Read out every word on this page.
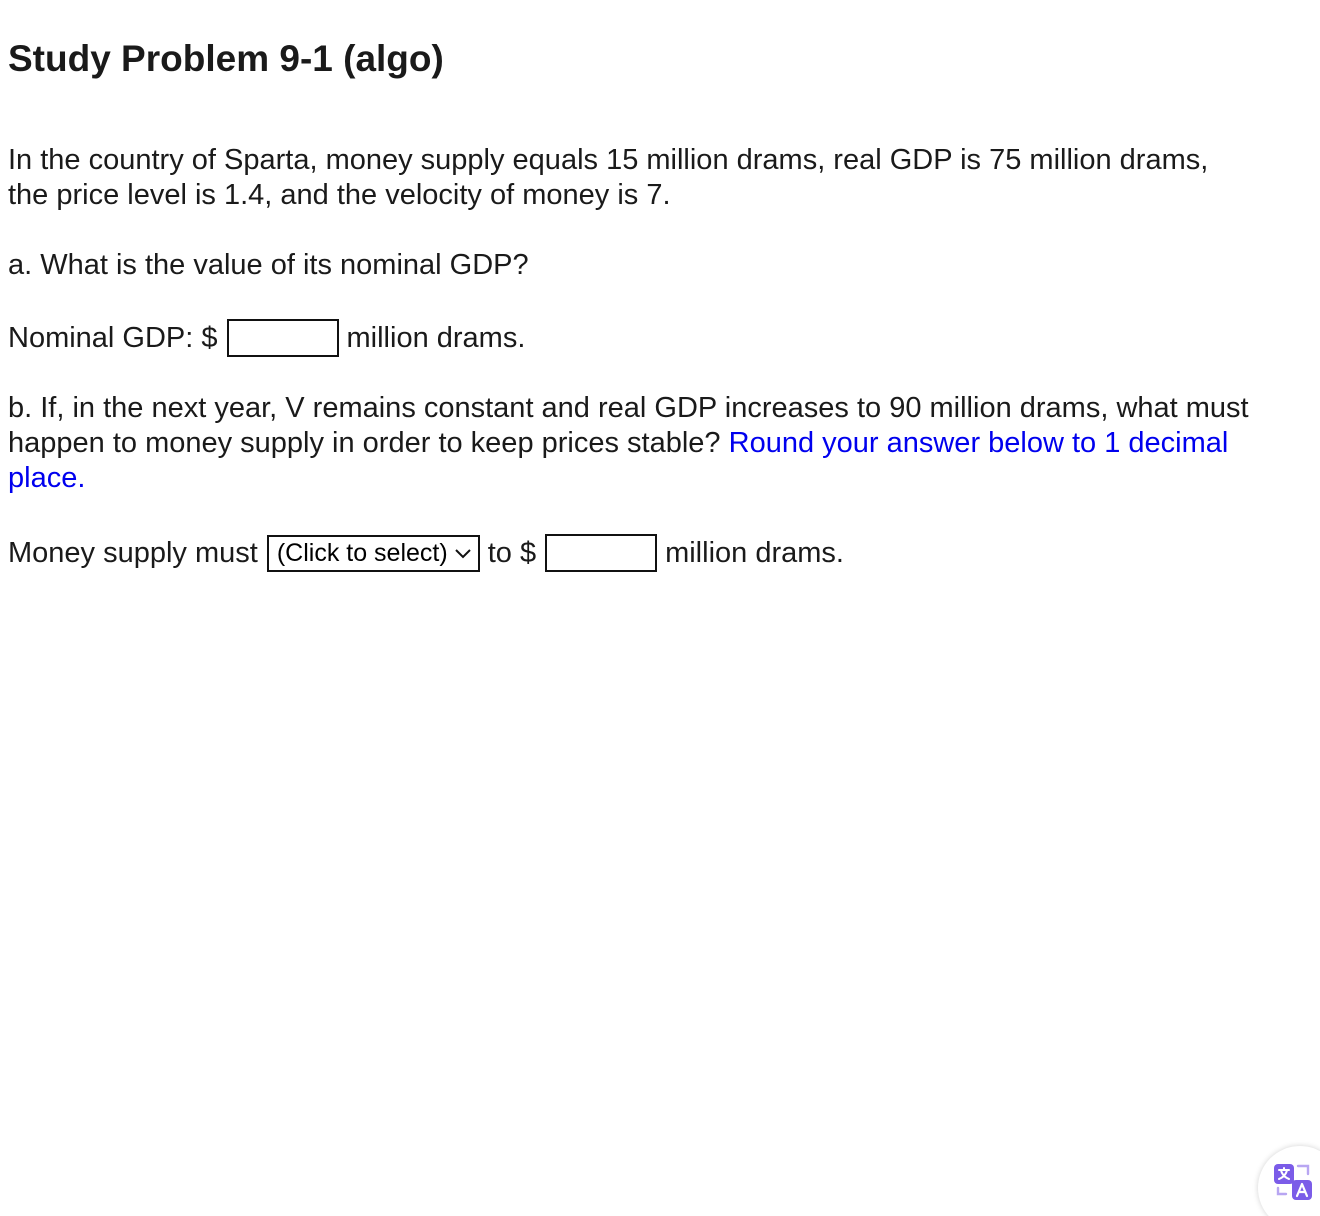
Study Problem 9-1 (algo)

In the country of Sparta, money supply equals 15 million drams, real GDP is 75 million drams, the price level is 1.4, and the velocity of money is 7.

a. What is the value of its nominal GDP?

Nominal GDP: $	million drams.

b. If, in the next year, V remains constant and real GDP increases to 90 million drams, what must happen to money supply in order to keep prices stable? Round your answer below to 1 decimal place.

Money supply must (Click to select) to $	million drams.
